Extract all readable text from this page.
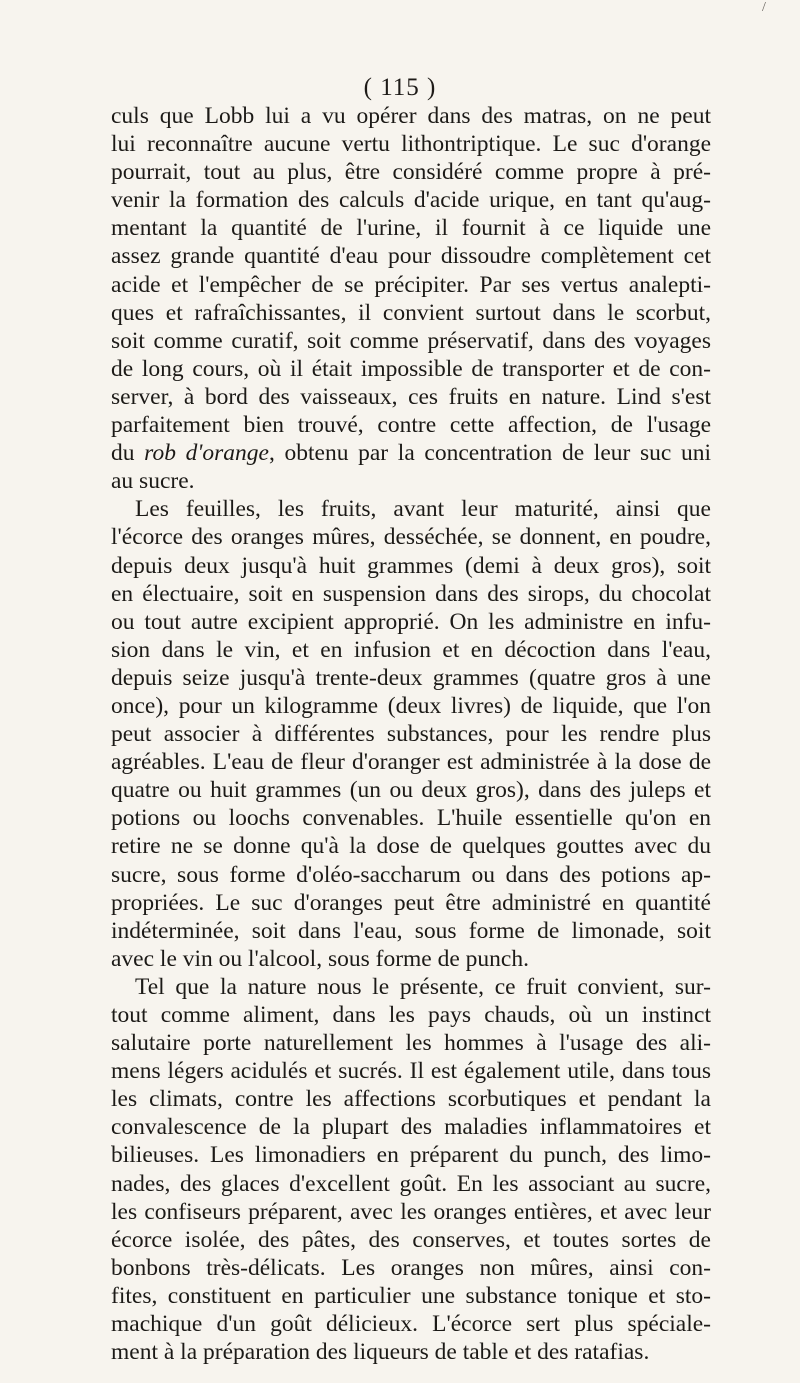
/
( 115 )
culs que Lobb lui a vu opérer dans des matras, on ne peut
lui reconnaître aucune vertu lithontriptique. Le suc d'orange
pourrait, tout au plus, être considéré comme propre à pré-
venir la formation des calculs d'acide urique, en tant qu'aug-
mentant la quantité de l'urine, il fournit à ce liquide une
assez grande quantité d'eau pour dissoudre complètement cet
acide et l'empêcher de se précipiter. Par ses vertus analepti-
ques et rafraîchissantes, il convient surtout dans le scorbut,
soit comme curatif, soit comme préservatif, dans des voyages
de long cours, où il était impossible de transporter et de con-
server, à bord des vaisseaux, ces fruits en nature. Lind s'est
parfaitement bien trouvé, contre cette affection, de l'usage
du rob d'orange, obtenu par la concentration de leur suc uni
au sucre.
Les feuilles, les fruits, avant leur maturité, ainsi que
l'écorce des oranges mûres, desséchée, se donnent, en poudre,
depuis deux jusqu'à huit grammes (demi à deux gros), soit
en électuaire, soit en suspension dans des sirops, du chocolat
ou tout autre excipient approprié. On les administre en infu-
sion dans le vin, et en infusion et en décoction dans l'eau,
depuis seize jusqu'à trente-deux grammes (quatre gros à une
once), pour un kilogramme (deux livres) de liquide, que l'on
peut associer à différentes substances, pour les rendre plus
agréables. L'eau de fleur d'oranger est administrée à la dose de
quatre ou huit grammes (un ou deux gros), dans des juleps et
potions ou loochs convenables. L'huile essentielle qu'on en
retire ne se donne qu'à la dose de quelques gouttes avec du
sucre, sous forme d'oléo-saccharum ou dans des potions ap-
propriées. Le suc d'oranges peut être administré en quantité
indéterminée, soit dans l'eau, sous forme de limonade, soit
avec le vin ou l'alcool, sous forme de punch.
Tel que la nature nous le présente, ce fruit convient, sur-
tout comme aliment, dans les pays chauds, où un instinct
salutaire porte naturellement les hommes à l'usage des ali-
mens légers acidulés et sucrés. Il est également utile, dans tous
les climats, contre les affections scorbutiques et pendant la
convalescence de la plupart des maladies inflammatoires et
bilieuses. Les limonadiers en préparent du punch, des limo-
nades, des glaces d'excellent goût. En les associant au sucre,
les confiseurs préparent, avec les oranges entières, et avec leur
écorce isolée, des pâtes, des conserves, et toutes sortes de
bonbons très-délicats. Les oranges non mûres, ainsi con-
fites, constituent en particulier une substance tonique et sto-
machique d'un goût délicieux. L'écorce sert plus spéciale-
ment à la préparation des liqueurs de table et des ratafias.
